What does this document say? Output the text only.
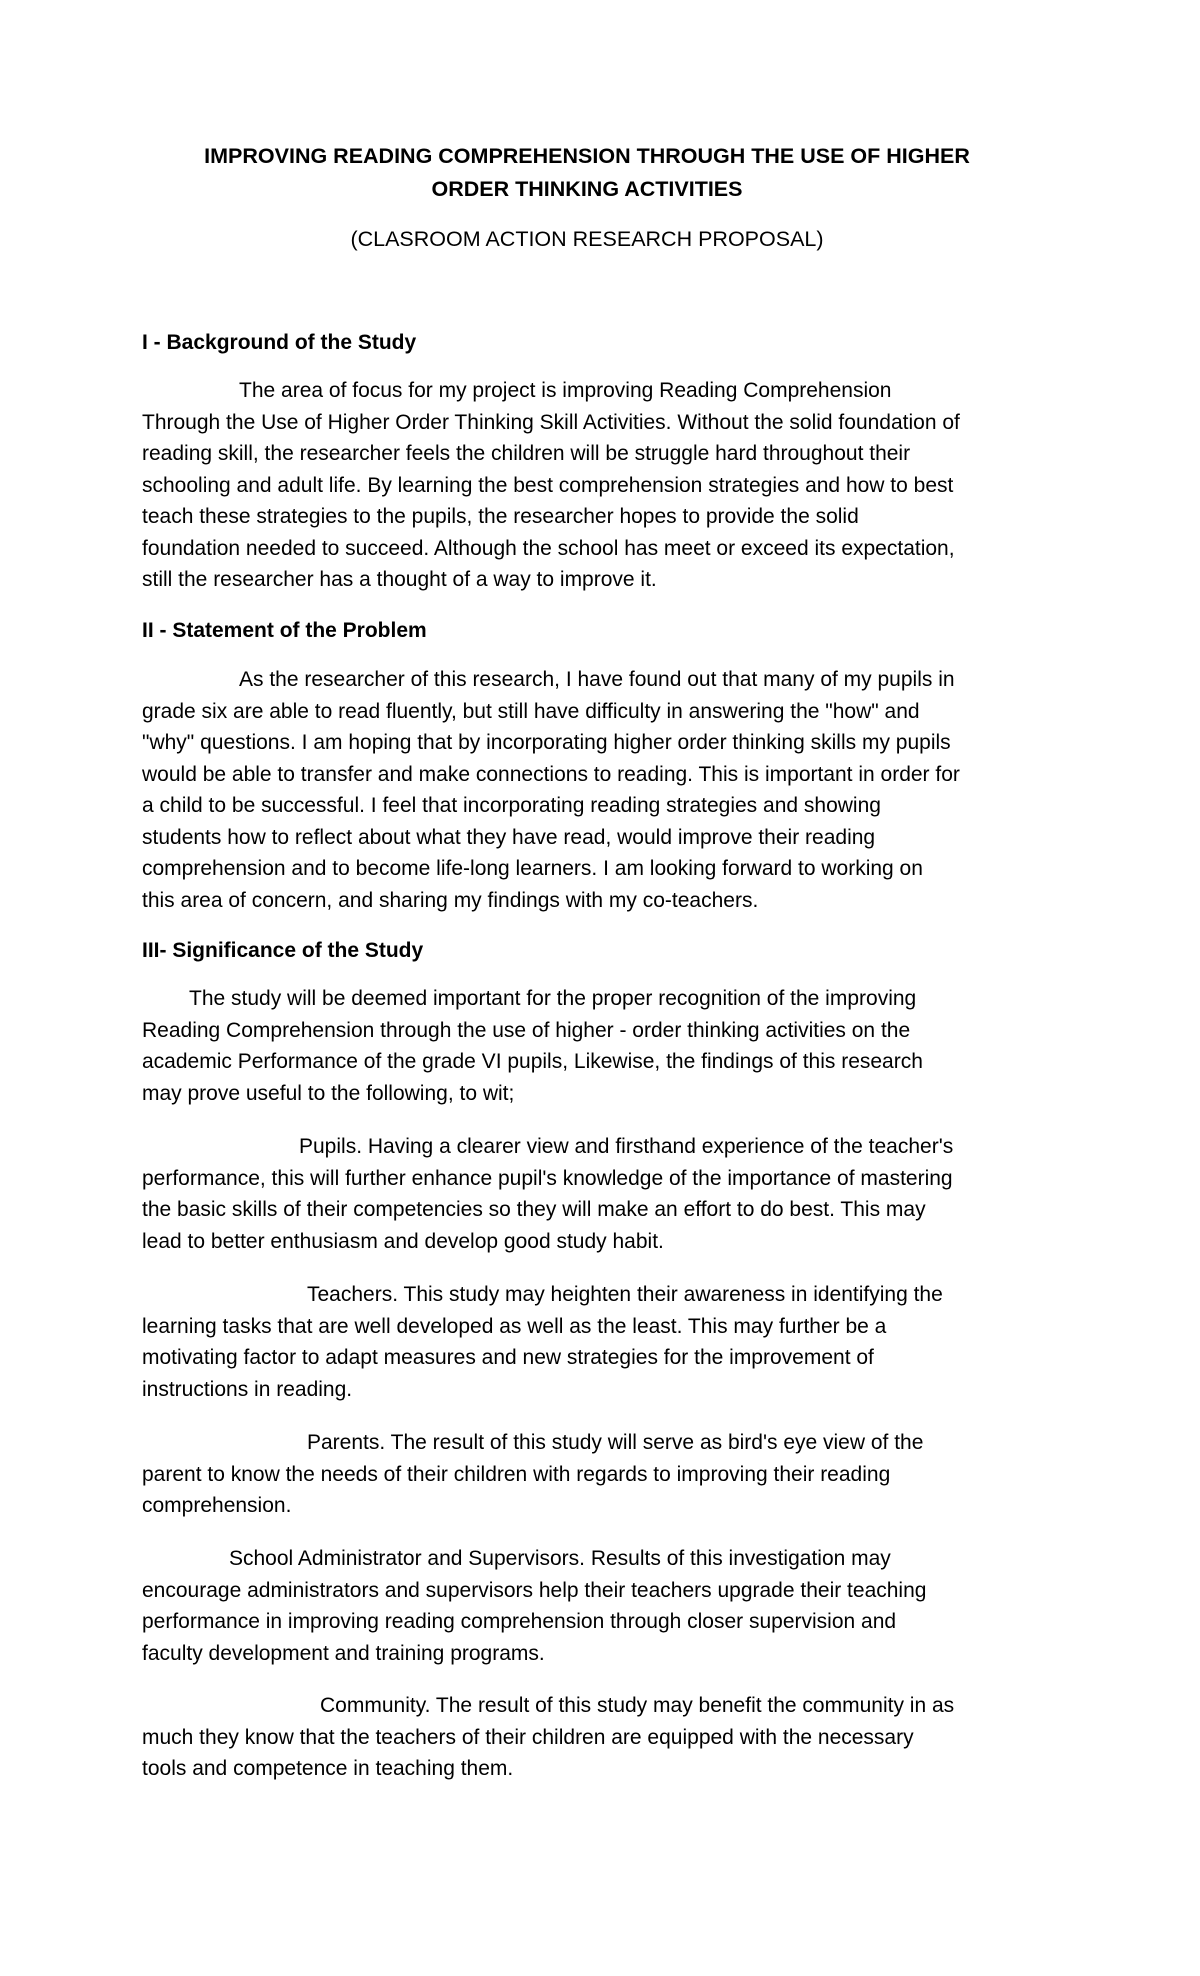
IMPROVING READING COMPREHENSION THROUGH THE USE OF HIGHER
ORDER THINKING ACTIVITIES

(CLASROOM ACTION RESEARCH PROPOSAL)

I - Background of the Study
The area of focus for my project is improving Reading Comprehension
Through the Use of Higher Order Thinking Skill Activities. Without the solid foundation of
reading skill, the researcher feels the children will be struggle hard throughout their
schooling and adult life. By learning the best comprehension strategies and how to best
teach these strategies to the pupils, the researcher hopes to provide the solid
foundation needed to succeed. Although the school has meet or exceed its expectation,
still the researcher has a thought of a way to improve it.
II - Statement of the Problem
As the researcher of this research, I have found out that many of my pupils in
grade six are able to read fluently, but still have difficulty in answering the "how" and
"why" questions. I am hoping that by incorporating higher order thinking skills my pupils
would be able to transfer and make connections to reading. This is important in order for
a child to be successful. I feel that incorporating reading strategies and showing
students how to reflect about what they have read, would improve their reading
comprehension and to become life-long learners. I am looking forward to working on
this area of concern, and sharing my findings with my co-teachers.
III- Significance of the Study
The study will be deemed important for the proper recognition of the improving
Reading Comprehension through the use of higher - order thinking activities on the
academic Performance of the grade VI pupils, Likewise, the findings of this research
may prove useful to the following, to wit;
Pupils. Having a clearer view and firsthand experience of the teacher's
performance, this will further enhance pupil's knowledge of the importance of mastering
the basic skills of their competencies so they will make an effort to do best. This may
lead to better enthusiasm and develop good study habit.
Teachers. This study may heighten their awareness in identifying the
learning tasks that are well developed as well as the least. This may further be a
motivating factor to adapt measures and new strategies for the improvement of
instructions in reading.
Parents. The result of this study will serve as bird's eye view of the
parent to know the needs of their children with regards to improving their reading
comprehension.
School Administrator and Supervisors. Results of this investigation may
encourage administrators and supervisors help their teachers upgrade their teaching
performance in improving reading comprehension through closer supervision and
faculty development and training programs.
Community. The result of this study may benefit the community in as
much they know that the teachers of their children are equipped with the necessary
tools and competence in teaching them.
